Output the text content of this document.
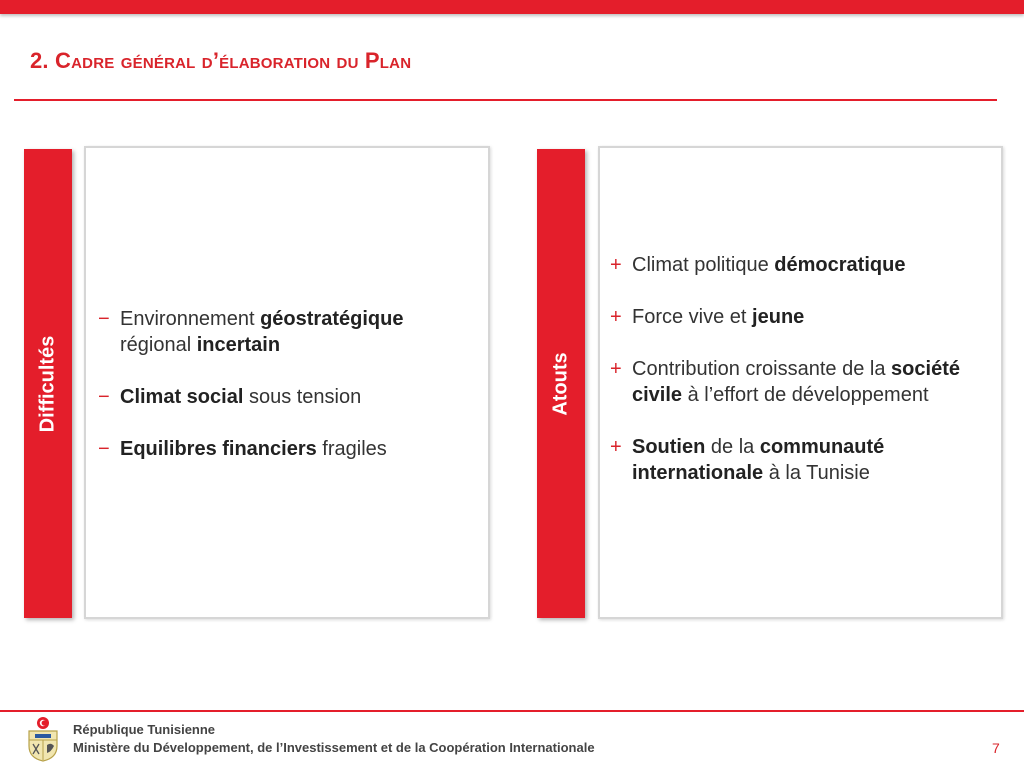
2. Cadre général d’élaboration du Plan
Difficultés
− Environnement géostratégique régional incertain
− Climat social sous tension
− Equilibres financiers fragiles
Atouts
+ Climat politique démocratique
+ Force vive et jeune
+ Contribution croissante de la société civile à l’effort de développement
+ Soutien de la communauté internationale à la Tunisie
République Tunisienne
Ministère du Développement, de l’Investissement et de la Coopération Internationale	7
